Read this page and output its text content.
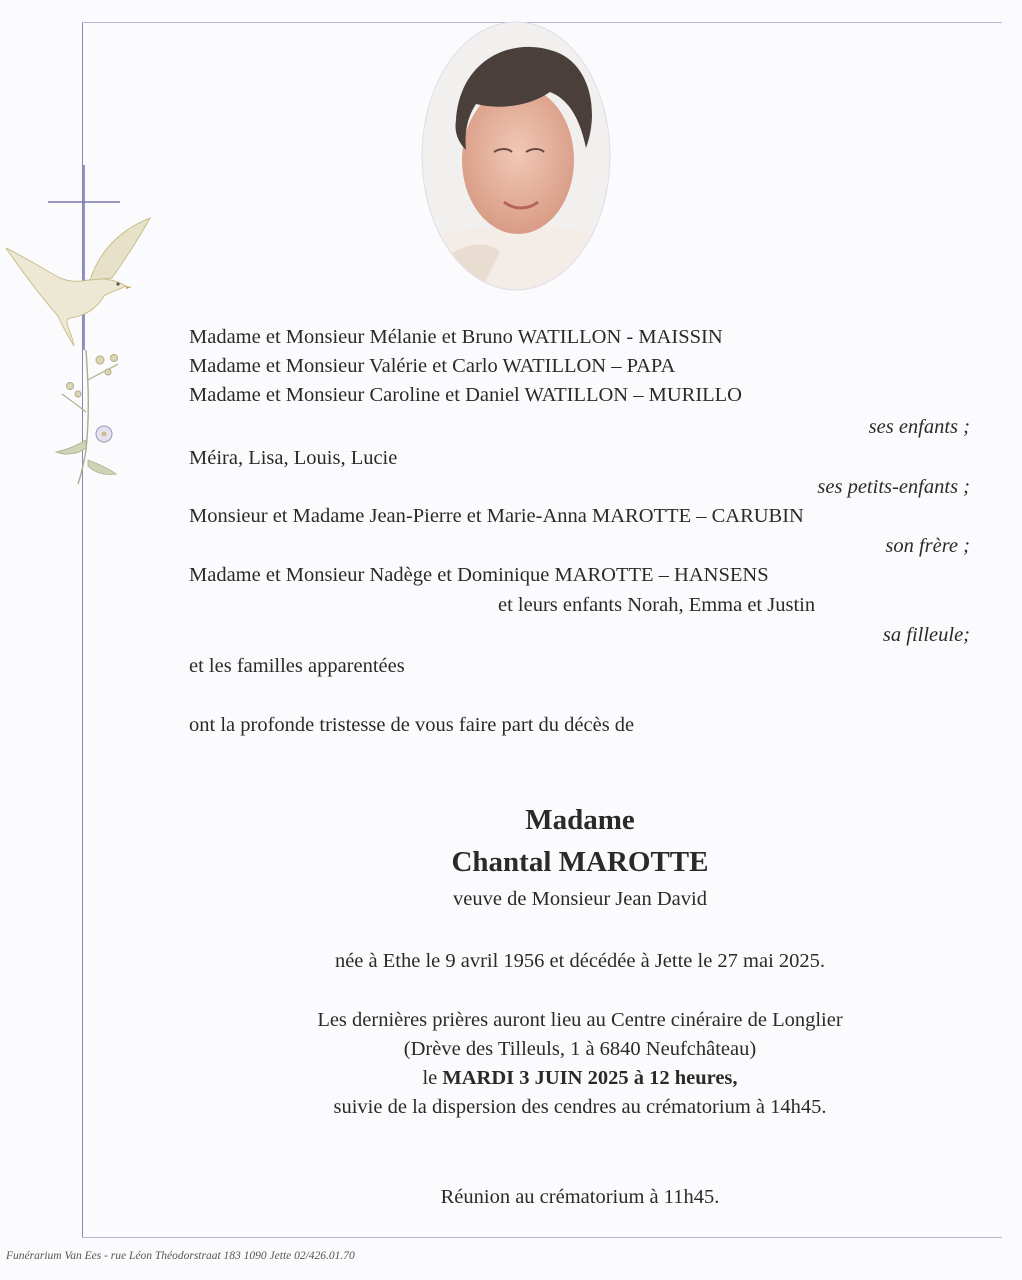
Madame et Monsieur Mélanie et Bruno WATILLON - MAISSIN
Madame et Monsieur Valérie et Carlo WATILLON – PAPA
Madame et Monsieur Caroline et Daniel WATILLON – MURILLO
ses enfants ;
Méira, Lisa, Louis, Lucie
ses petits-enfants ;
Monsieur et Madame Jean-Pierre et Marie-Anna MAROTTE – CARUBIN
son frère ;
Madame et Monsieur Nadège et Dominique MAROTTE – HANSENS
et leurs enfants Norah, Emma et Justin
sa filleule;
et les familles apparentées
ont la profonde tristesse de vous faire part du décès de
Madame
Chantal MAROTTE
veuve de Monsieur Jean David
née à Ethe le 9 avril 1956 et décédée à Jette le 27 mai 2025.
Les dernières prières auront lieu au Centre cinéraire de Longlier
(Drève des Tilleuls, 1 à 6840 Neufchâteau)
le MARDI 3 JUIN 2025 à 12 heures,
suivie de la dispersion des cendres au crématorium à 14h45.
Réunion au crématorium à 11h45.
Funérarium Van Ees - rue Léon Théodorstraat 183 1090 Jette 02/426.01.70
